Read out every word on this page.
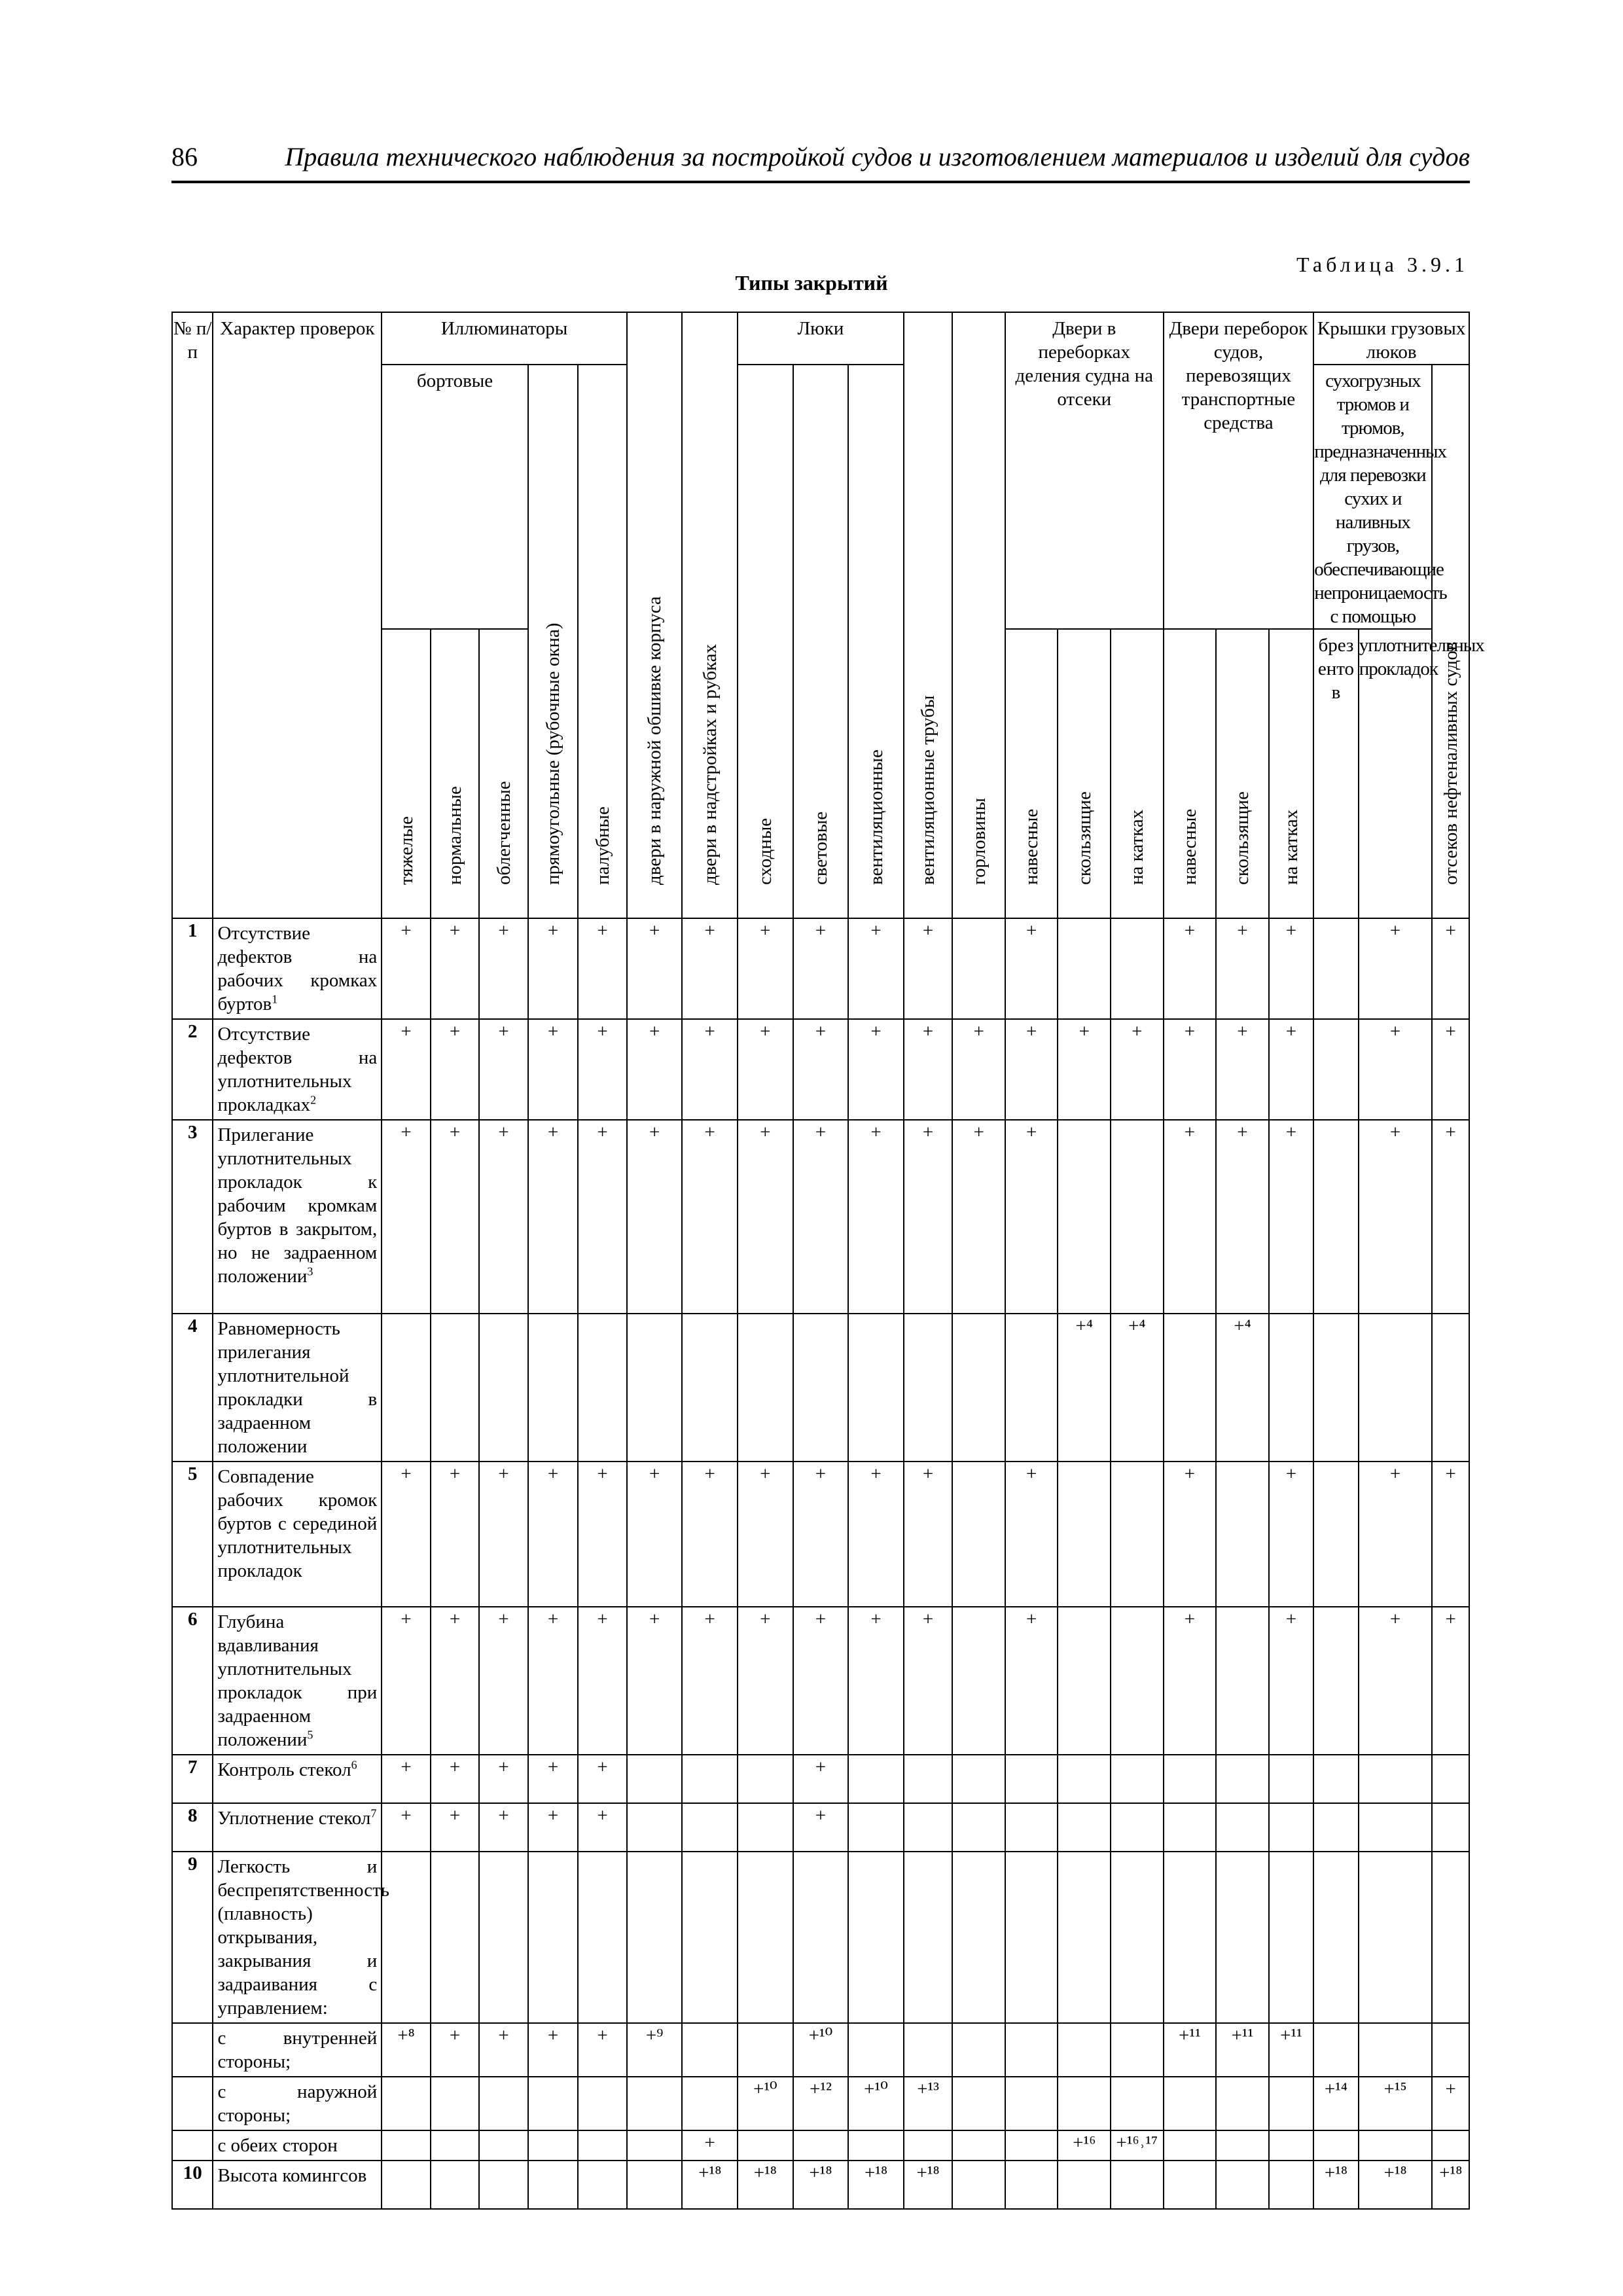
86	Правила технического наблюдения за постройкой судов и изготовлением материалов и изделий для судов
Таблица 3.9.1
Типы закрытий
№ п/п	Характер проверок	Иллюминаторы					двери в наружной обшивке корпуса	двери в надстройках и рубках	Люки			вентиляционные трубы	горловины	Двери в переборках деления судна на отсеки			Двери переборок судов, перевозящих транспортные средства			Крышки грузовых люков		
		бортовые			прямоугольные (рубочные окна)	палубные			сходные	световые	вентиляционные									сухогрузных трюмов и трюмов, предназначенных для перевозки сухих и наливных грузов, обеспечивающие непроницаемость с помощью		отсеков нефтеналивных судов

		тяжелые	нормальные	облегченные										навесные	скользящие	на катках	навесные	скользящие	на катках	брезентов	уплотнительных прокладок	
1	Отсутствие дефектов на рабочих кромках буртов$^1$	+	+	+	+	+	+	+	+	+	+	+		+			+	+	+		+	+
2	Отсутствие дефектов на уплотнительных прокладках$^2$	+	+	+	+	+	+	+	+	+	+	+	+	+	+	+	+	+	+		+	+
3	Прилегание уплотнительных прокладок к рабочим кромкам буртов в закрытом, но не задраенном положении$^3$	+	+	+	+	+	+	+	+	+	+	+	+	+			+	+	+		+	+
4	Равномерность прилегания уплотнительной прокладки в задраенном положении														+⁴	+⁴		+⁴				
5	Совпадение рабочих кромок буртов с серединой уплотнительных прокладок	+	+	+	+	+	+	+	+	+	+	+		+			+		+		+	+
6	Глубина вдавливания уплотнительных прокладок при задраенном положении$^5$	+	+	+	+	+	+	+	+	+	+	+		+			+		+		+	+
7	Контроль стекол$^6$	+	+	+	+	+				+												
8	Уплотнение стекол$^7$	+	+	+	+	+				+												
9	Легкость и беспрепятственность (плавность) открывания, закрывания и задраивания с управлением:																					
	с внутренней стороны;	+⁸	+	+	+	+	+⁹			+¹⁰							+¹¹	+¹¹	+¹¹			
	с наружной стороны;								+¹⁰	+¹²	+¹⁰	+¹³								+¹⁴	+¹⁵	+
	с обеих сторон							+							+¹⁶	+¹⁶˒¹⁷						
10	Высота комингсов							+¹⁸	+¹⁸	+¹⁸	+¹⁸	+¹⁸								+¹⁸	+¹⁸	+¹⁸
